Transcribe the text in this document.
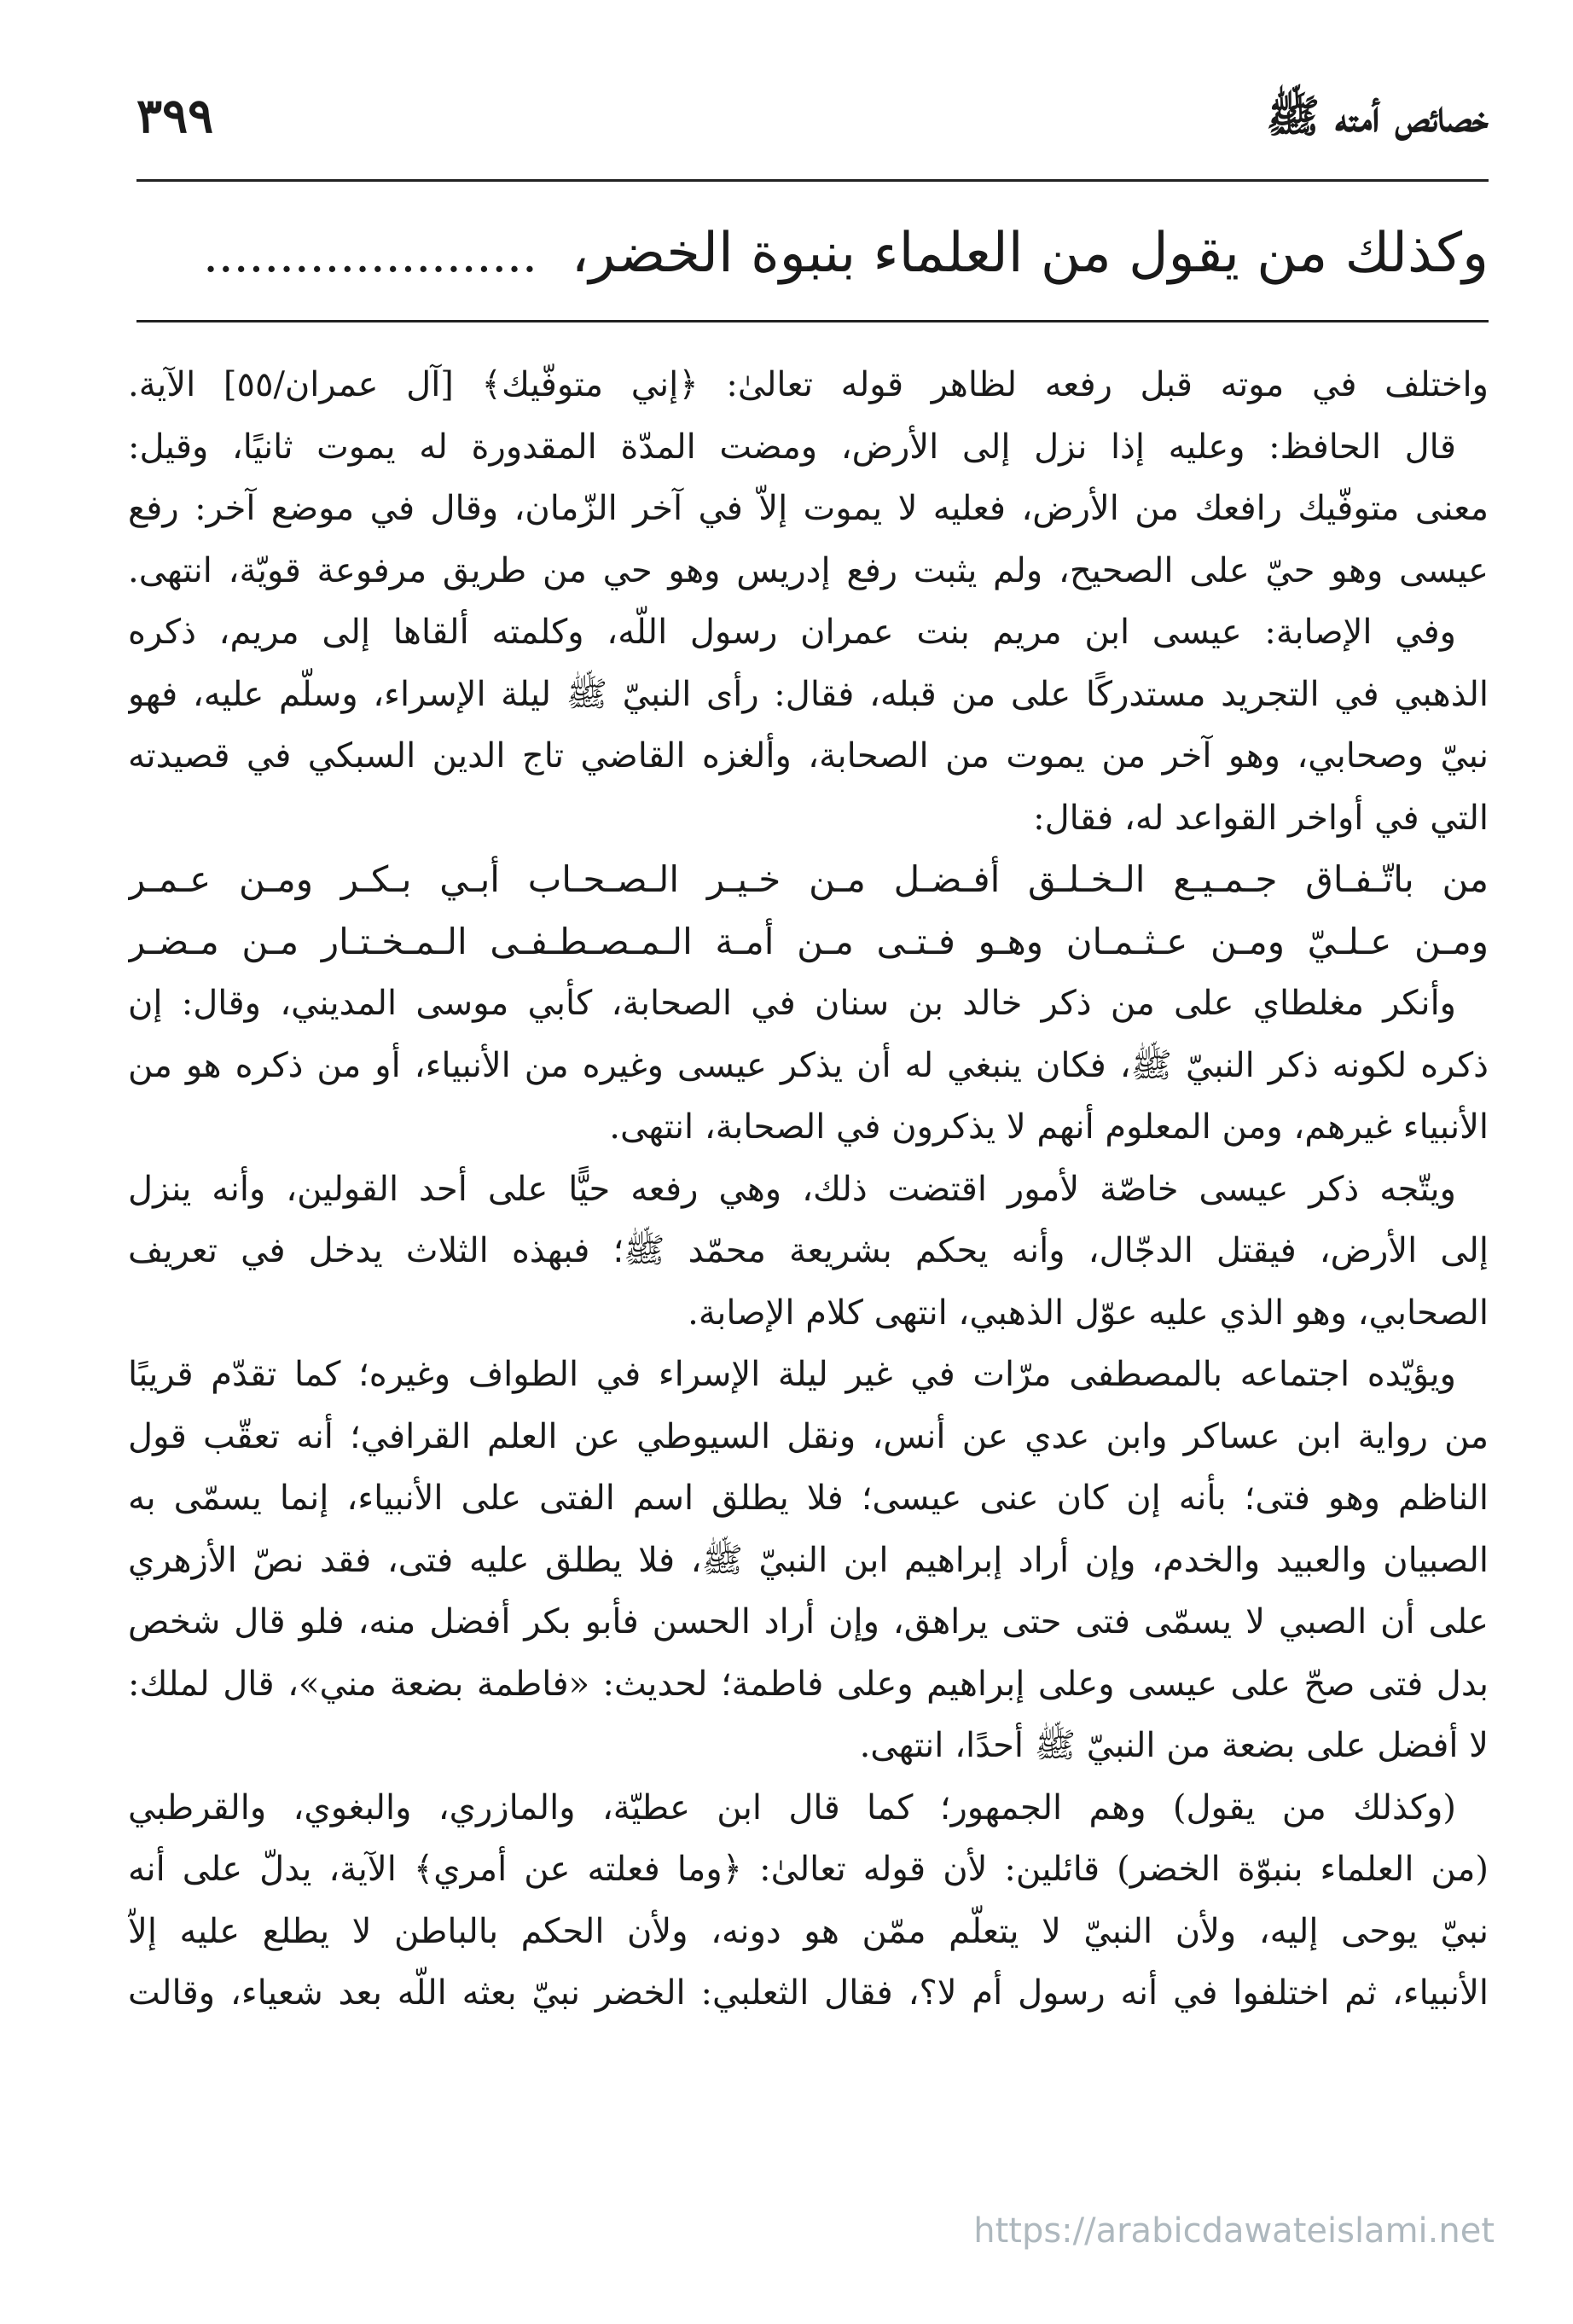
خصائص أمته ﷺ
٣٩٩
وكذلك من يقول من العلماء بنبوة الخضر،......................
واختلف في موته قبل رفعه لظاهر قوله تعالىٰ: ﴿إني متوفّيك﴾ [آل عمران/٥٥] الآية.
قال الحافظ: وعليه إذا نزل إلى الأرض، ومضت المدّة المقدورة له يموت ثانيًا، وقيل:
معنى متوفّيك رافعك من الأرض، فعليه لا يموت إلاّ في آخر الزّمان، وقال في موضع آخر: رفع
عيسى وهو حيّ على الصحيح، ولم يثبت رفع إدريس وهو حي من طريق مرفوعة قويّة، انتهى.
وفي الإصابة: عيسى ابن مريم بنت عمران رسول اللّه، وكلمته ألقاها إلى مريم، ذكره
الذهبي في التجريد مستدركًا على من قبله، فقال: رأى النبيّ ﷺ ليلة الإسراء، وسلّم عليه، فهو
نبيّ وصحابي، وهو آخر من يموت من الصحابة، وألغزه القاضي تاج الدين السبكي في قصيدته
التي في أواخر القواعد له، فقال:
من باتّـفـاق جـمـيـع الـخـلـق أفـضـل مـن خـيـر الـصـحـاب أبـي بـكـر ومـن عـمـر
ومـن عـلـيّ ومـن عـثـمـان وهـو فـتـى مـن أمـة الـمـصـطـفـى الـمـخـتـار مـن مـضـر
وأنكر مغلطاي على من ذكر خالد بن سنان في الصحابة، كأبي موسى المديني، وقال: إن
ذكره لكونه ذكر النبيّ ﷺ، فكان ينبغي له أن يذكر عيسى وغيره من الأنبياء، أو من ذكره هو من
الأنبياء غيرهم، ومن المعلوم أنهم لا يذكرون في الصحابة، انتهى.
ويتّجه ذكر عيسى خاصّة لأمور اقتضت ذلك، وهي رفعه حيًّا على أحد القولين، وأنه ينزل
إلى الأرض، فيقتل الدجّال، وأنه يحكم بشريعة محمّد ﷺ؛ فبهذه الثلاث يدخل في تعريف
الصحابي، وهو الذي عليه عوّل الذهبي، انتهى كلام الإصابة.
ويؤيّده اجتماعه بالمصطفى مرّات في غير ليلة الإسراء في الطواف وغيره؛ كما تقدّم قريبًا
من رواية ابن عساكر وابن عدي عن أنس، ونقل السيوطي عن العلم القرافي؛ أنه تعقّب قول
الناظم وهو فتى؛ بأنه إن كان عنى عيسى؛ فلا يطلق اسم الفتى على الأنبياء، إنما يسمّى به
الصبيان والعبيد والخدم، وإن أراد إبراهيم ابن النبيّ ﷺ، فلا يطلق عليه فتى، فقد نصّ الأزهري
على أن الصبي لا يسمّى فتى حتى يراهق، وإن أراد الحسن فأبو بكر أفضل منه، فلو قال شخص
بدل فتى صحّ على عيسى وعلى إبراهيم وعلى فاطمة؛ لحديث: «فاطمة بضعة مني»، قال لملك:
لا أفضل على بضعة من النبيّ ﷺ أحدًا، انتهى.
(وكذلك من يقول) وهم الجمهور؛ كما قال ابن عطيّة، والمازري، والبغوي، والقرطبي
(من العلماء بنبوّة الخضر) قائلين: لأن قوله تعالىٰ: ﴿وما فعلته عن أمري﴾ الآية، يدلّ على أنه
نبيّ يوحى إليه، ولأن النبيّ لا يتعلّم ممّن هو دونه، ولأن الحكم بالباطن لا يطلع عليه إلاّ
الأنبياء، ثم اختلفوا في أنه رسول أم لا؟، فقال الثعلبي: الخضر نبيّ بعثه اللّه بعد شعياء، وقالت
https://arabicdawateislami.net
